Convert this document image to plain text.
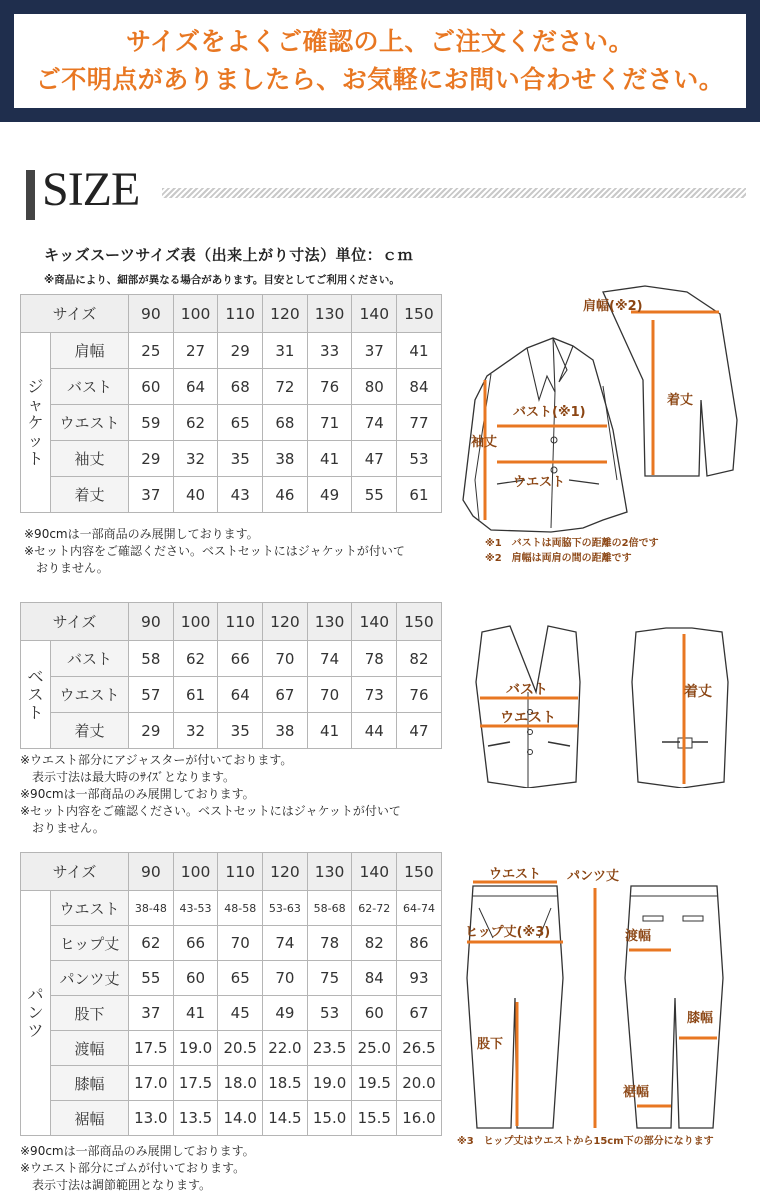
サイズをよくご確認の上、ご注文ください。
ご不明点がありましたら、お気軽にお問い合わせください。
SIZE
キッズスーツサイズ表（出来上がり寸法）単位：ｃｍ
※商品により、細部が異なる場合があります。目安としてご利用ください。
サイズ		90	100	110	120	130	140	150
ジャケット	肩幅	25	27	29	31	33	37	41
	バスト	60	64	68	72	76	80	84
	ウエスト	59	62	65	68	71	74	77
	袖丈	29	32	35	38	41	47	53
	着丈	37	40	43	46	49	55	61
※90cmは一部商品のみ展開しております。
※セット内容をご確認ください。ベストセットにはジャケットが付いて
　おりません。
肩幅(※2)
着丈
バスト(※1)
袖丈
ウエスト
※1　バストは両脇下の距離の2倍です
※2　肩幅は両肩の間の距離です
サイズ		90	100	110	120	130	140	150
ベスト	バスト	58	62	66	70	74	78	82
	ウエスト	57	61	64	67	70	73	76
	着丈	29	32	35	38	41	44	47
※ウエスト部分にアジャスターが付いております。
　表示寸法は最大時のｻｲｽﾞとなります。
※90cmは一部商品のみ展開しております。
※セット内容をご確認ください。ベストセットにはジャケットが付いて
　おりません。
バスト
ウエスト
着丈
サイズ		90	100	110	120	130	140	150
パンツ	ウエスト	38-48	43-53	48-58	53-63	58-68	62-72	64-74
	ヒップ丈	62	66	70	74	78	82	86
	パンツ丈	55	60	65	70	75	84	93
	股下	37	41	45	49	53	60	67
	渡幅	17.5	19.0	20.5	22.0	23.5	25.0	26.5
	膝幅	17.0	17.5	18.0	18.5	19.0	19.5	20.0
	裾幅	13.0	13.5	14.0	14.5	15.0	15.5	16.0
※90cmは一部商品のみ展開しております。
※ウエスト部分にゴムが付いております。
　表示寸法は調節範囲となります。
ウエスト パンツ丈
ヒップ丈(※3)	渡幅
股下
膝幅
裾幅
※3　ヒップ丈はウエストから15cm下の部分になります
